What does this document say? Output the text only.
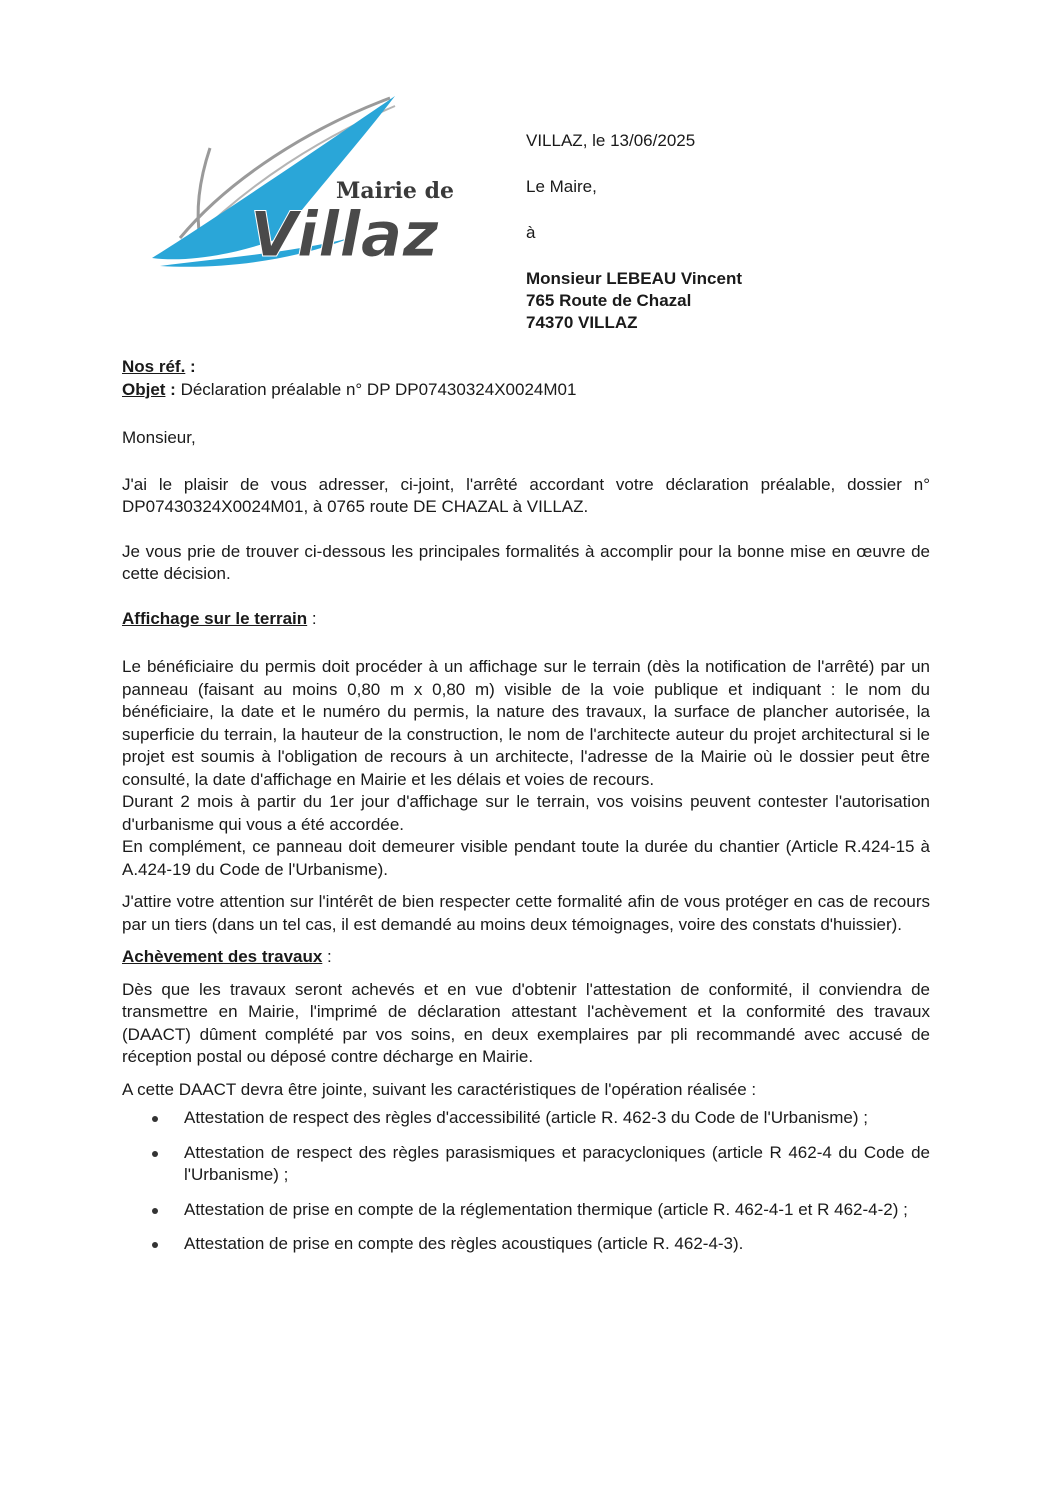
Mairie de
Villaz

VILLAZ, le 13/06/2025

Le Maire,

à

Monsieur LEBEAU Vincent

765 Route de Chazal

74370 VILLAZ

Nos réf. :

Objet : Déclaration préalable n° DP DP07430324X0024M01

Monsieur,

J'ai le plaisir de vous adresser, ci-joint, l'arrêté accordant votre déclaration préalable, dossier n° DP07430324X0024M01, à 0765 route DE CHAZAL à VILLAZ.

Je vous prie de trouver ci-dessous les principales formalités à accomplir pour la bonne mise en œuvre de cette décision.

Affichage sur le terrain :

Le bénéficiaire du permis doit procéder à un affichage sur le terrain (dès la notification de l'arrêté) par un panneau (faisant au moins 0,80 m x 0,80 m) visible de la voie publique et indiquant : le nom du bénéficiaire, la date et le numéro du permis, la nature des travaux, la surface de plancher autorisée, la superficie du terrain, la hauteur de la construction, le nom de l'architecte auteur du projet architectural si le projet est soumis à l'obligation de recours à un architecte, l'adresse de la Mairie où le dossier peut être consulté, la date d'affichage en Mairie et les délais et voies de recours.

Durant 2 mois à partir du 1er jour d'affichage sur le terrain, vos voisins peuvent contester l'autorisation d'urbanisme qui vous a été accordée.

En complément, ce panneau doit demeurer visible pendant toute la durée du chantier (Article R.424-15 à A.424-19 du Code de l'Urbanisme).

J'attire votre attention sur l'intérêt de bien respecter cette formalité afin de vous protéger en cas de recours par un tiers (dans un tel cas, il est demandé au moins deux témoignages, voire des constats d'huissier).

Achèvement des travaux :

Dès que les travaux seront achevés et en vue d'obtenir l'attestation de conformité, il conviendra de transmettre en Mairie, l'imprimé de déclaration attestant l'achèvement et la conformité des travaux (DAACT) dûment complété par vos soins, en deux exemplaires par pli recommandé avec accusé de réception postal ou déposé contre décharge en Mairie.

A cette DAACT devra être jointe, suivant les caractéristiques de l'opération réalisée :

Attestation de respect des règles d'accessibilité (article R. 462-3 du Code de l'Urbanisme) ;
Attestation de respect des règles parasismiques et paracycloniques (article R 462-4 du Code de l'Urbanisme) ;
Attestation de prise en compte de la réglementation thermique (article R. 462-4-1 et R 462-4-2) ;
Attestation de prise en compte des règles acoustiques (article R. 462-4-3).
